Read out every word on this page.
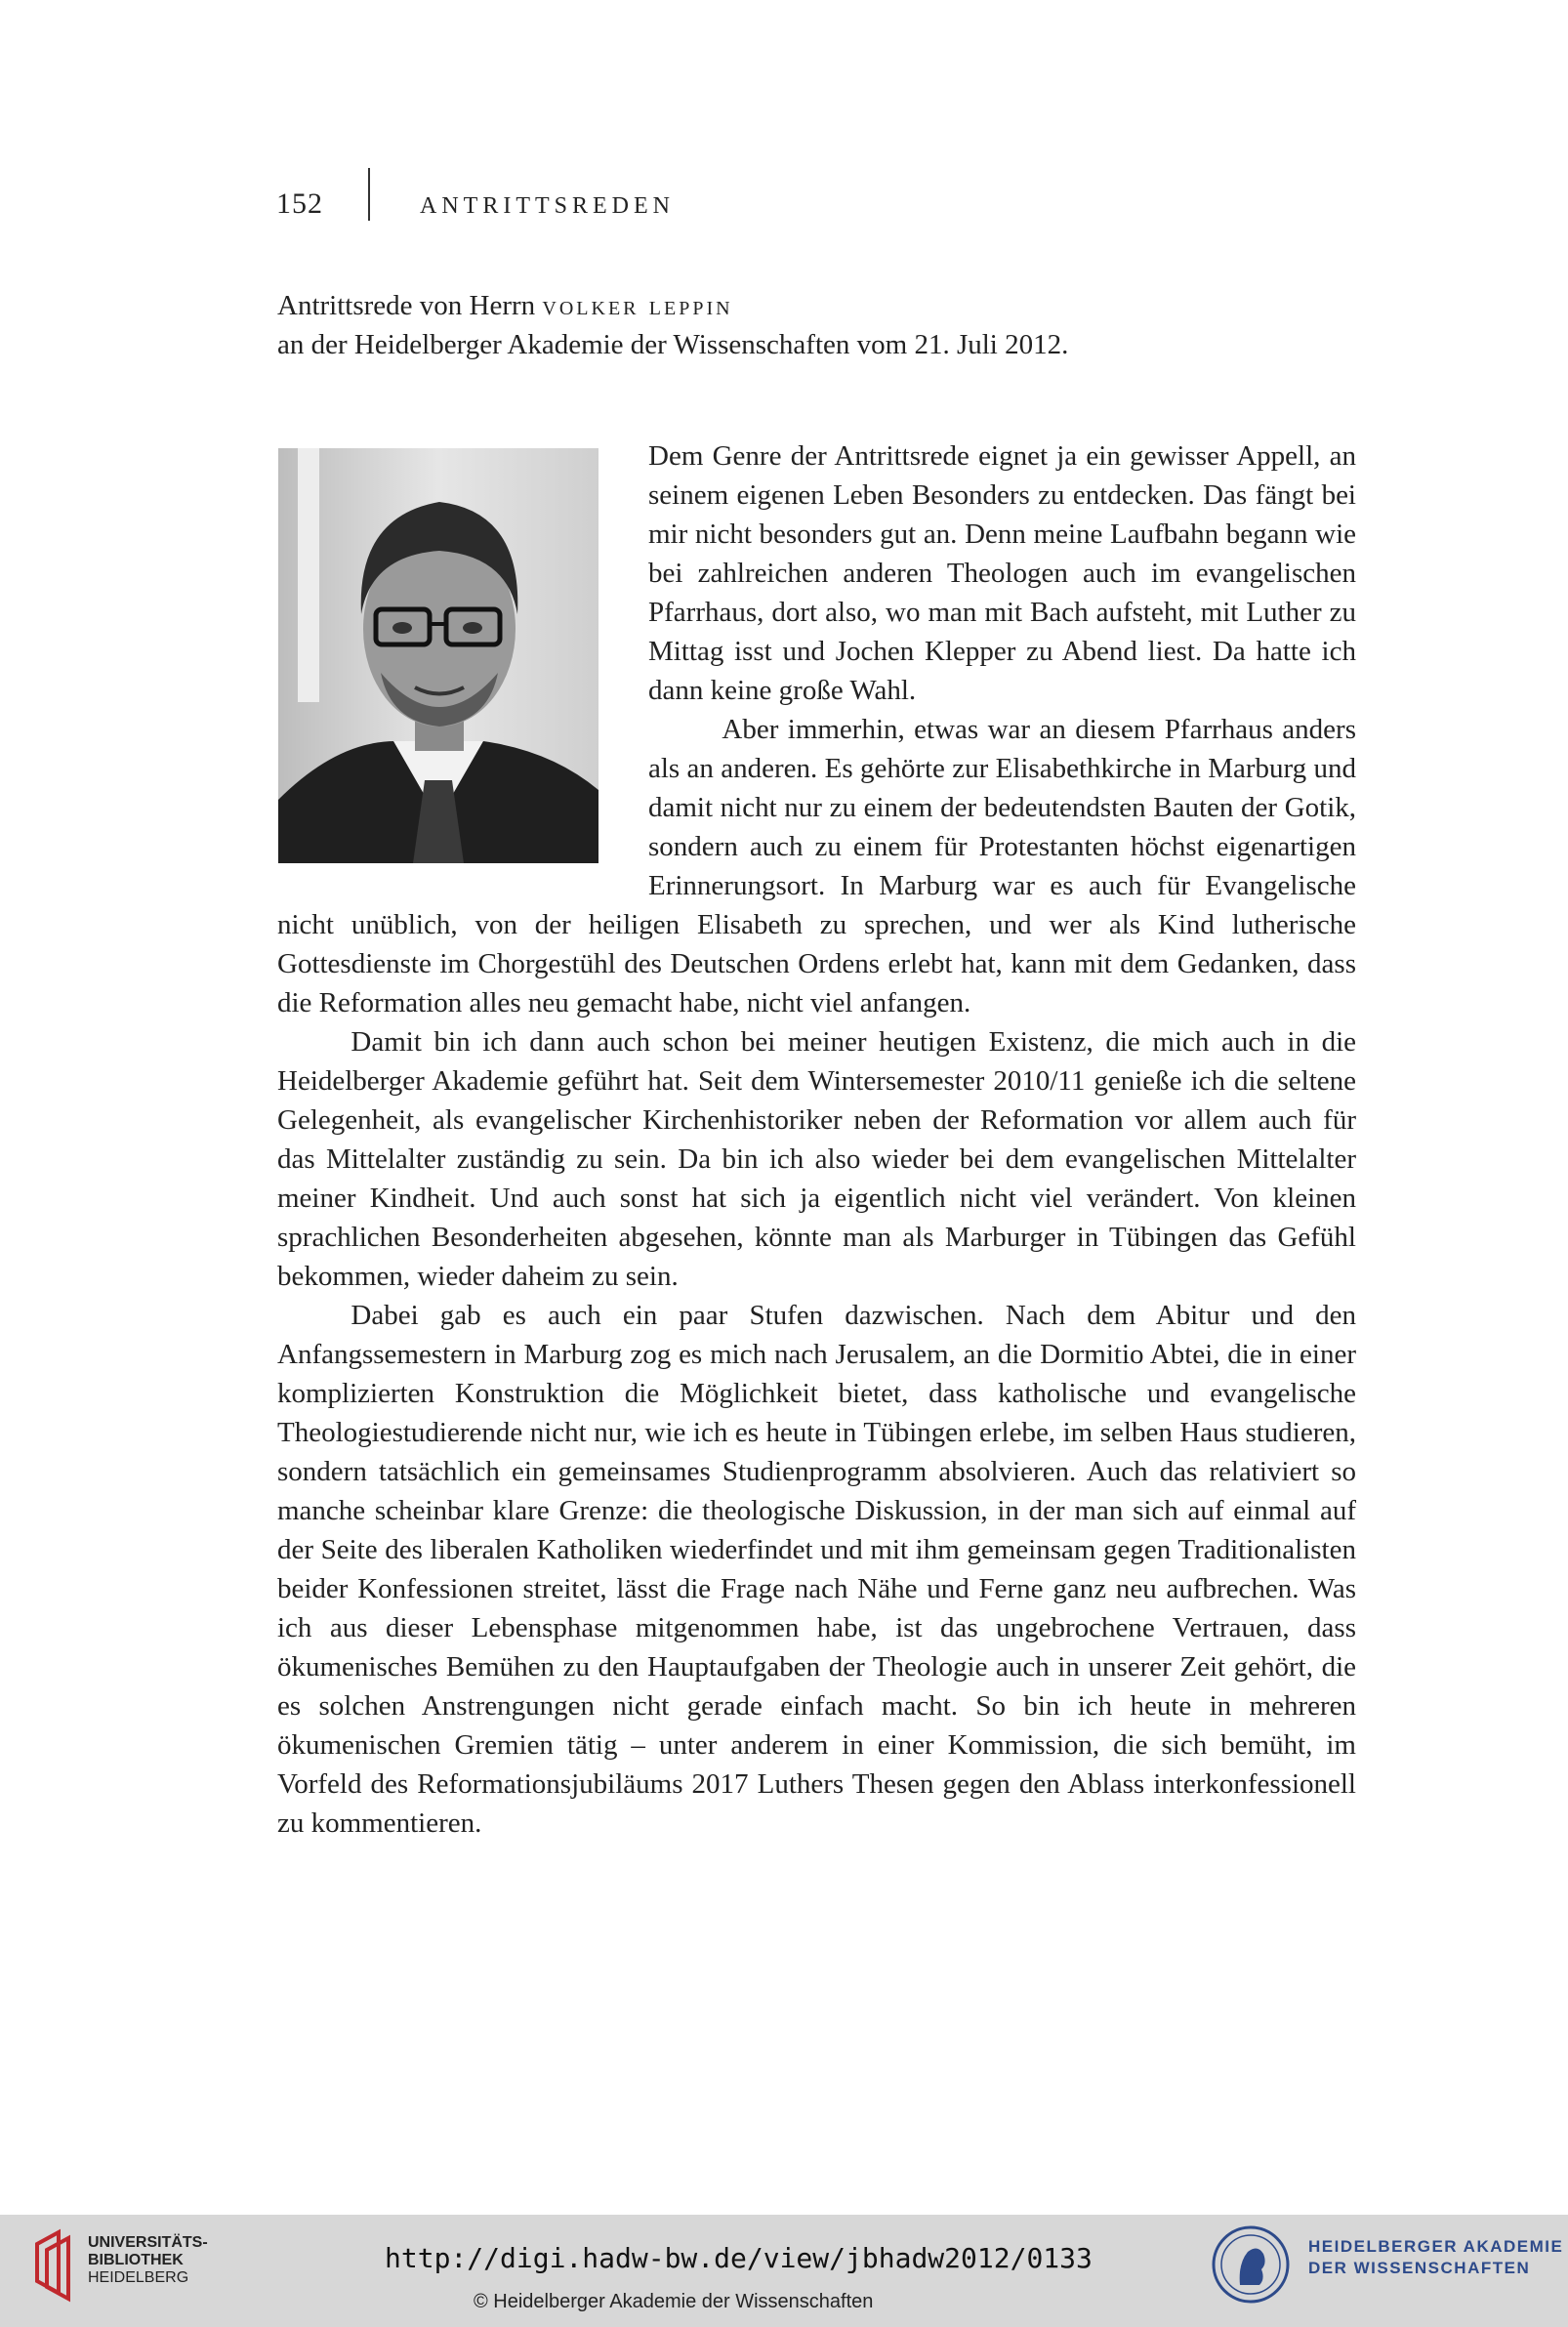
152	ANTRITTSREDEN
Antrittsrede von Herrn volker leppin
an der Heidelberger Akademie der Wissenschaften vom 21. Juli 2012.

Dem Genre der Antrittsrede eignet ja ein gewisser Appell, an seinem eigenen Leben Besonders zu entdecken. Das fängt bei mir nicht besonders gut an. Denn meine Laufbahn begann wie bei zahlreichen anderen Theologen auch im evangelischen Pfarrhaus, dort also, wo man mit Bach aufsteht, mit Luther zu Mittag isst und Jochen Klepper zu Abend liest. Da hatte ich dann keine große Wahl.

Aber immerhin, etwas war an diesem Pfarrhaus anders als an anderen. Es gehörte zur Elisabethkirche in Marburg und damit nicht nur zu einem der bedeutendsten Bauten der Gotik, sondern auch zu einem für Protestanten höchst eigenartigen Erinnerungsort. In Marburg war es auch für Evangelische nicht unüblich, von der heiligen Elisabeth zu sprechen, und wer als Kind lutherische Gottesdienste im Chorgestühl des Deutschen Ordens erlebt hat, kann mit dem Gedanken, dass die Reformation alles neu gemacht habe, nicht viel anfangen.

Damit bin ich dann auch schon bei meiner heutigen Existenz, die mich auch in die Heidelberger Akademie geführt hat. Seit dem Wintersemester 2010/11 genieße ich die seltene Gelegenheit, als evangelischer Kirchenhistoriker neben der Reformation vor allem auch für das Mittelalter zuständig zu sein. Da bin ich also wieder bei dem evangelischen Mittelalter meiner Kindheit. Und auch sonst hat sich ja eigentlich nicht viel verändert. Von kleinen sprachlichen Besonderheiten abgesehen, könnte man als Marburger in Tübingen das Gefühl bekommen, wieder daheim zu sein.

Dabei gab es auch ein paar Stufen dazwischen. Nach dem Abitur und den Anfangssemestern in Marburg zog es mich nach Jerusalem, an die Dormitio Abtei, die in einer komplizierten Konstruktion die Möglichkeit bietet, dass katholische und evangelische Theologiestudierende nicht nur, wie ich es heute in Tübingen erlebe, im selben Haus studieren, sondern tatsächlich ein gemeinsames Studienprogramm absolvieren. Auch das relativiert so manche scheinbar klare Grenze: die theologische Diskussion, in der man sich auf einmal auf der Seite des liberalen Katholiken wiederfindet und mit ihm gemeinsam gegen Traditionalisten beider Konfessionen streitet, lässt die Frage nach Nähe und Ferne ganz neu aufbrechen. Was ich aus dieser Lebensphase mitgenommen habe, ist das ungebrochene Vertrauen, dass ökumenisches Bemühen zu den Hauptaufgaben der Theologie auch in unserer Zeit gehört, die es solchen Anstrengungen nicht gerade einfach macht. So bin ich heute in mehreren ökumenischen Gremien tätig – unter anderem in einer Kommission, die sich bemüht, im Vorfeld des Reformationsjubiläums 2017 Luthers Thesen gegen den Ablass interkonfessionell zu kommentieren.

UNIVERSITÄTS-
BIBLIOTHEK
HEIDELBERG
http://digi.hadw-bw.de/view/jbhadw2012/0133
© Heidelberger Akademie der Wissenschaften
HEIDELBERGER AKADEMIE
DER WISSENSCHAFTEN
